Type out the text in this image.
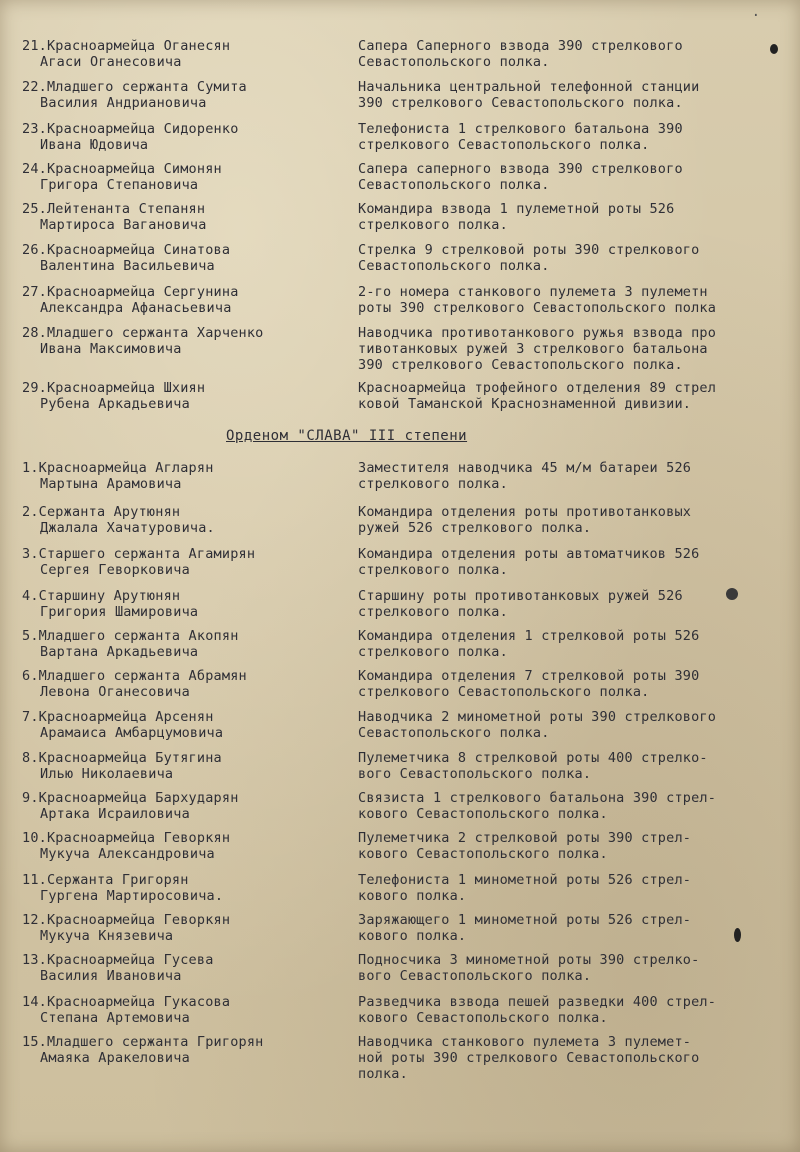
·
21.Красноармейца Оганесян
Агаси Оганесовича
Сапера Саперного взвода 390 стрелкового
Севастопольского полка.
22.Младшего сержанта Сумита
Василия Андриановича
Начальника центральной телефонной станции
390 стрелкового Севастопольского полка.
23.Красноармейца Сидоренко
Ивана Юдовича
Телефониста 1 стрелкового батальона 390
стрелкового Севастопольского полка.
24.Красноармейца Симонян
Григора Степановича
Сапера саперного взвода 390 стрелкового
Севастопольского полка.
25.Лейтенанта Степанян
Мартироса Вагановича
Командира взвода 1 пулеметной роты 526
стрелкового полка.
26.Красноармейца Синатова
Валентина Васильевича
Стрелка 9 стрелковой роты 390 стрелкового
Севастопольского полка.
27.Красноармейца Сергунина
Александра Афанасьевича
2-го номера станкового пулемета 3 пулеметн
роты 390 стрелкового Севастопольского полка
28.Младшего сержанта Харченко
Ивана Максимовича
Наводчика противотанкового ружья взвода про
тивотанковых ружей 3 стрелкового батальона
390 стрелкового Севастопольского полка.
29.Красноармейца Шхиян
Рубена Аркадьевича
Красноармейца трофейного отделения 89 стрел
ковой Таманской Краснознаменной дивизии.
Орденом "СЛАВА" III степени
1.Красноармейца Агларян
Мартына Арамовича
Заместителя наводчика 45 м/м батареи 526
стрелкового полка.
2.Сержанта Арутюнян
Джалала Хачатуровича.
Командира отделения роты противотанковых
ружей 526 стрелкового полка.
3.Старшего сержанта Агамирян
Сергея Геворковича
Командира отделения роты автоматчиков 526
стрелкового полка.
4.Старшину Арутюнян
Григория Шамировича
Старшину роты противотанковых ружей 526
стрелкового полка.
5.Младшего сержанта Акопян
Вартана Аркадьевича
Командира отделения 1 стрелковой роты 526
стрелкового полка.
6.Младшего сержанта Абрамян
Левона Оганесовича
Командира отделения 7 стрелковой роты 390
стрелкового Севастопольского полка.
7.Красноармейца Арсенян
Арамаиса Амбарцумовича
Наводчика 2 минометной роты 390 стрелкового
Севастопольского полка.
8.Красноармейца Бутягина
Илью Николаевича
Пулеметчика 8 стрелковой роты 400 стрелко-
вого Севастопольского полка.
9.Красноармейца Бархударян
Артака Исраиловича
Связиста 1 стрелкового батальона 390 стрел-
кового Севастопольского полка.
10.Красноармейца Геворкян
Мукуча Александровича
Пулеметчика 2 стрелковой роты 390 стрел-
кового Севастопольского полка.
11.Сержанта Григорян
Гургена Мартиросовича.
Телефониста 1 минометной роты 526 стрел-
кового полка.
12.Красноармейца Геворкян
Мукуча Князевича
Заряжающего 1 минометной роты 526 стрел-
кового полка.
13.Красноармейца Гусева
Василия Ивановича
Подносчика 3 минометной роты 390 стрелко-
вого Севастопольского полка.
14.Красноармейца Гукасова
Степана Артемовича
Разведчика взвода пешей разведки 400 стрел-
кового Севастопольского полка.
15.Младшего сержанта Григорян
Амаяка Аракеловича
Наводчика станкового пулемета 3 пулемет-
ной роты 390 стрелкового Севастопольского
полка.
